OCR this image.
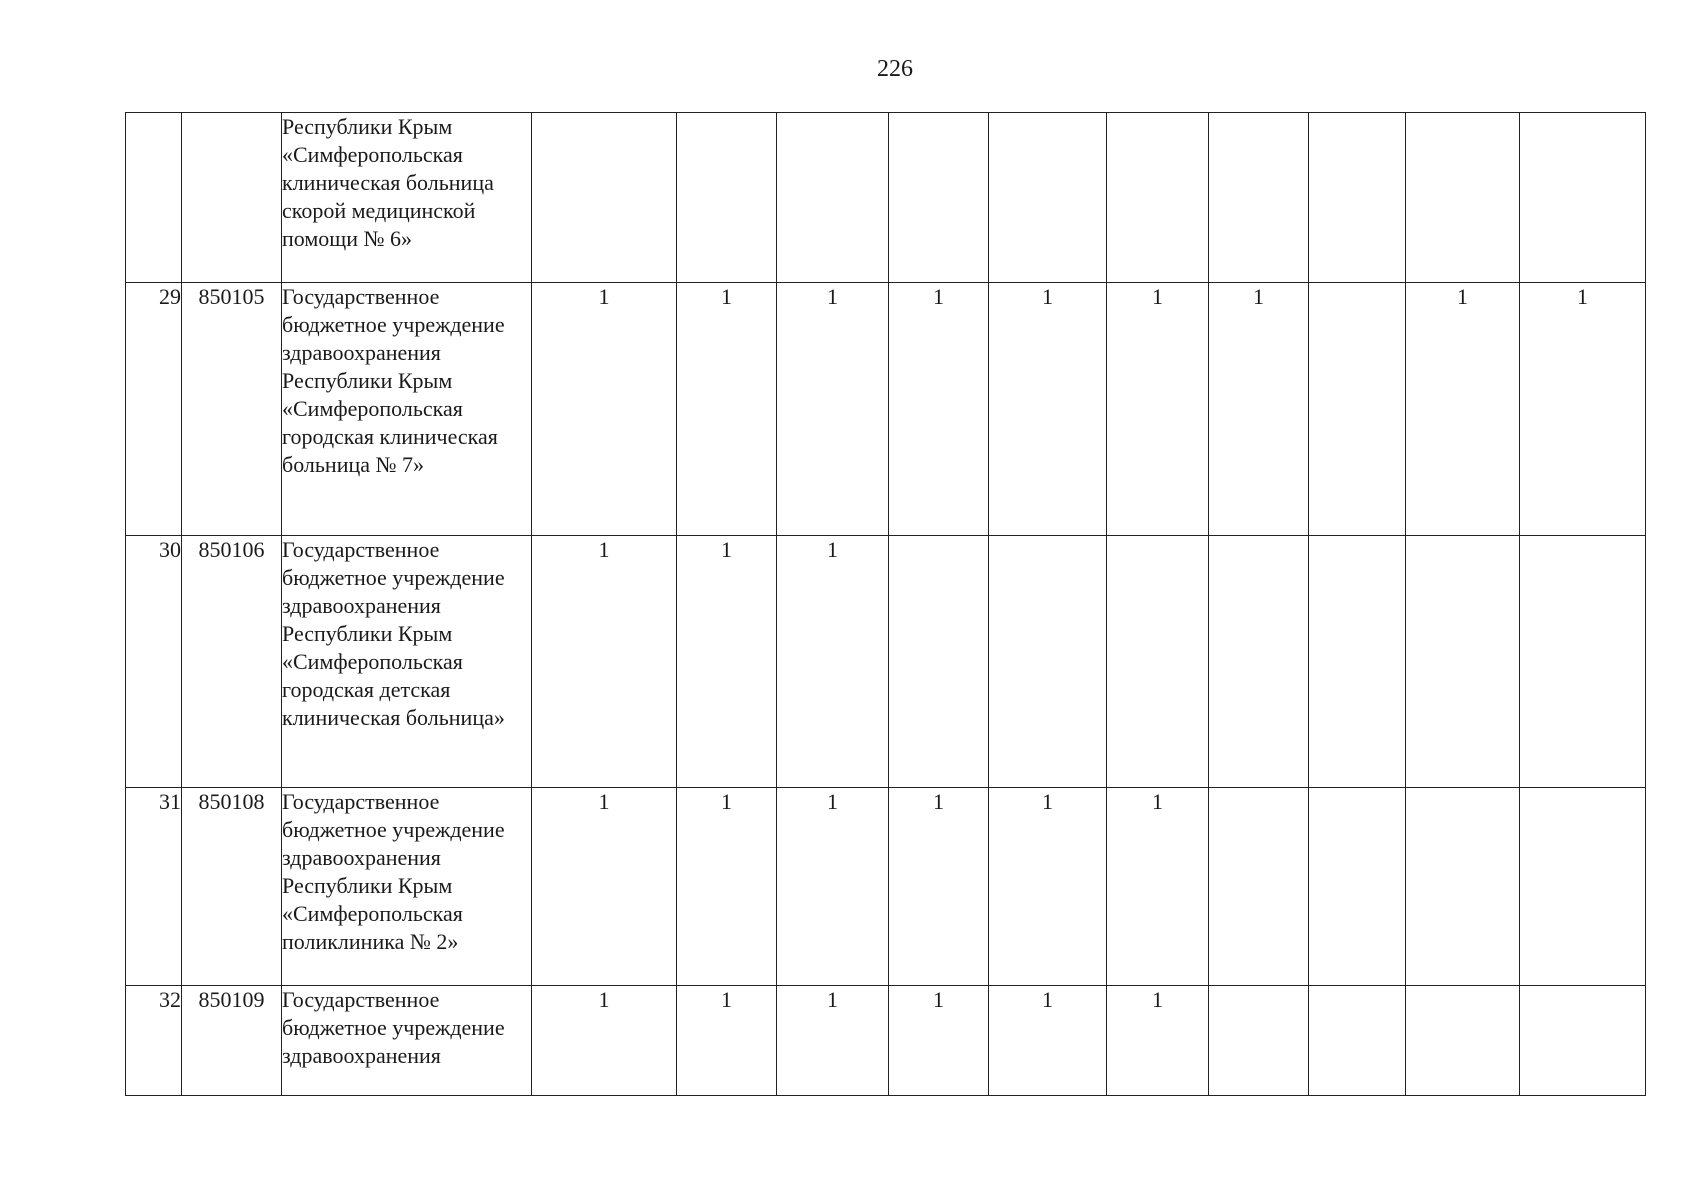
226
		Республики Крым «Симферопольская клиническая больница скорой медицинской помощи № 6»										
29	850105	Государственное бюджетное учреждение здравоохранения Республики Крым «Симферопольская городская клиническая больница № 7»	1	1	1	1	1	1	1		1	1
30	850106	Государственное бюджетное учреждение здравоохранения Республики Крым «Симферопольская городская детская клиническая больница»	1	1	1							
31	850108	Государственное бюджетное учреждение здравоохранения Республики Крым «Симферопольская поликлиника № 2»	1	1	1	1	1	1				
32	850109	Государственное бюджетное учреждение здравоохранения	1	1	1	1	1	1				
